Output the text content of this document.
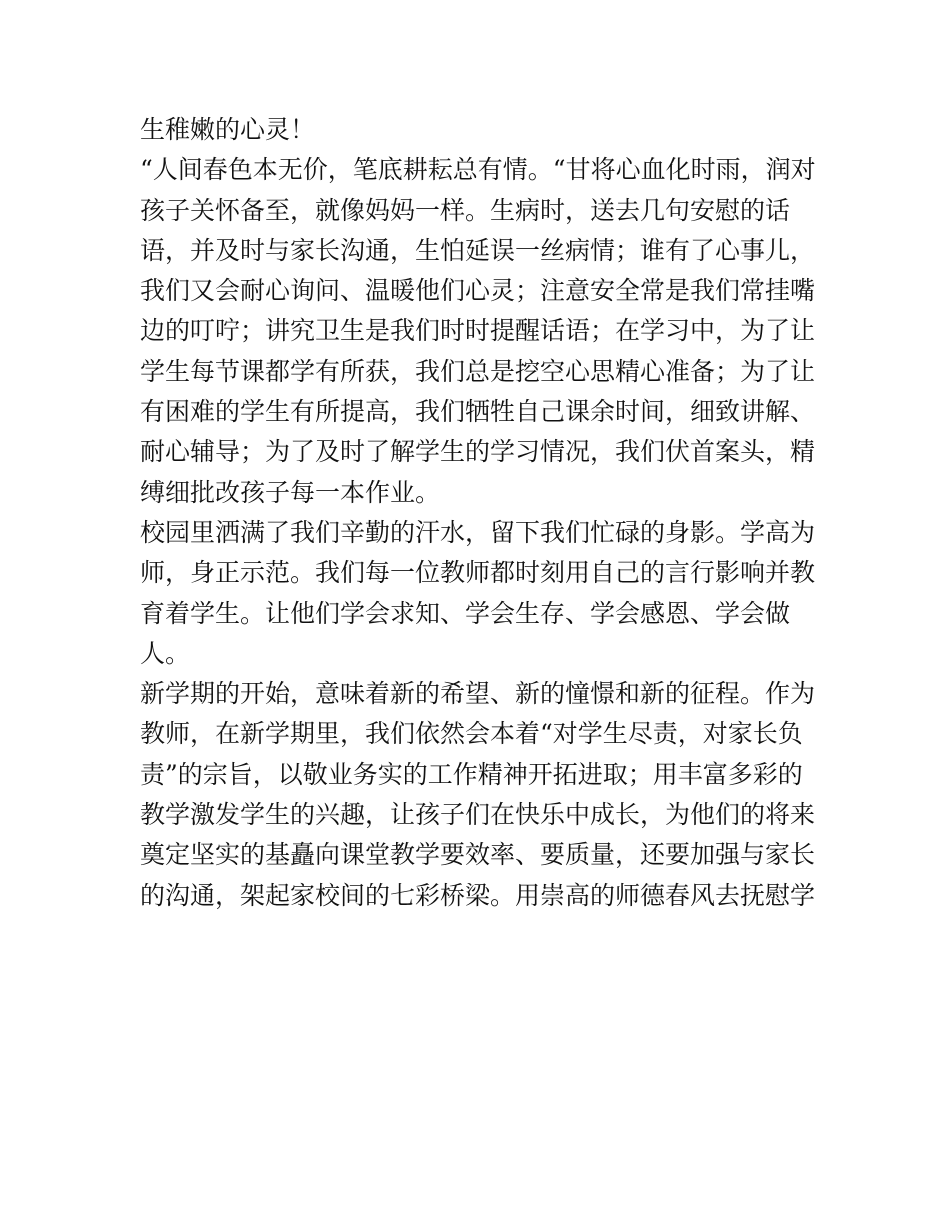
生稚嫩的心灵！
“人间春色本无价，笔底耕耘总有情。“甘将心血化时雨，润对
孩子关怀备至，就像妈妈一样。生病时，送去几句安慰的话
语，并及时与家长沟通，生怕延误一丝病情；谁有了心事儿，
我们又会耐心询问、温暖他们心灵；注意安全常是我们常挂嘴
边的叮咛；讲究卫生是我们时时提醒话语；在学习中，为了让
学生每节课都学有所获，我们总是挖空心思精心准备；为了让
有困难的学生有所提高，我们牺牲自己课余时间，细致讲解、
耐心辅导；为了及时了解学生的学习情况，我们伏首案头，精
缚细批改孩子每一本作业。
校园里洒满了我们辛勤的汗水，留下我们忙碌的身影。学高为
师，身正示范。我们每一位教师都时刻用自己的言行影响并教
育着学生。让他们学会求知、学会生存、学会感恩、学会做
人。
新学期的开始，意味着新的希望、新的憧憬和新的征程。作为
教师，在新学期里，我们依然会本着“对学生尽责，对家长负
责”的宗旨，以敬业务实的工作精神开拓进取；用丰富多彩的
教学激发学生的兴趣，让孩子们在快乐中成长，为他们的将来
奠定坚实的基矗向课堂教学要效率、要质量，还要加强与家长
的沟通，架起家校间的七彩桥梁。用崇高的师德春风去抚慰学
